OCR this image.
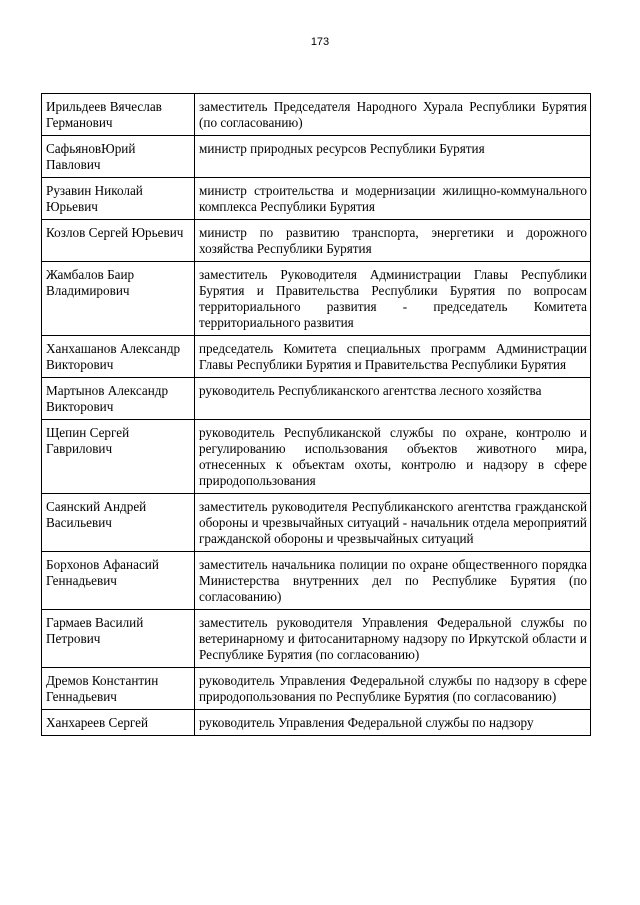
173
Ирильдеев Вячеслав Германович	заместитель Председателя Народного Хурала Республики Бурятия (по согласованию)
СафьяновЮрий Павлович	министр природных ресурсов Республики Бурятия
Рузавин Николай Юрьевич	министр строительства и модернизации жилищно-коммунального комплекса Республики Бурятия
Козлов Сергей Юрьевич	министр по развитию транспорта, энергетики и дорожного хозяйства Республики Бурятия
Жамбалов Баир Владимирович	заместитель Руководителя Администрации Главы Республики Бурятия и Правительства Республики Бурятия по вопросам территориального развития - председатель Комитета территориального развития
Ханхашанов Александр Викторович	председатель Комитета специальных программ Администрации Главы Республики Бурятия и Правительства Республики Бурятия
Мартынов Александр Викторович	руководитель Республиканского агентства лесного хозяйства
Щепин Сергей Гаврилович	руководитель Республиканской службы по охране, контролю и регулированию использования объектов животного мира, отнесенных к объектам охоты, контролю и надзору в сфере природопользования
Саянский Андрей Васильевич	заместитель руководителя Республиканского агентства гражданской обороны и чрезвычайных ситуаций - начальник отдела мероприятий гражданской обороны и чрезвычайных ситуаций
Борхонов Афанасий Геннадьевич	заместитель начальника полиции по охране общественного порядка Министерства внутренних дел по Республике Бурятия (по согласованию)
Гармаев Василий Петрович	заместитель руководителя Управления Федеральной службы по ветеринарному и фитосанитарному надзору по Иркутской области и Республике Бурятия (по согласованию)
Дремов Константин Геннадьевич	руководитель Управления Федеральной службы по надзору в сфере природопользования по Республике Бурятия (по согласованию)
Ханхареев Сергей	руководитель Управления Федеральной службы по надзору
